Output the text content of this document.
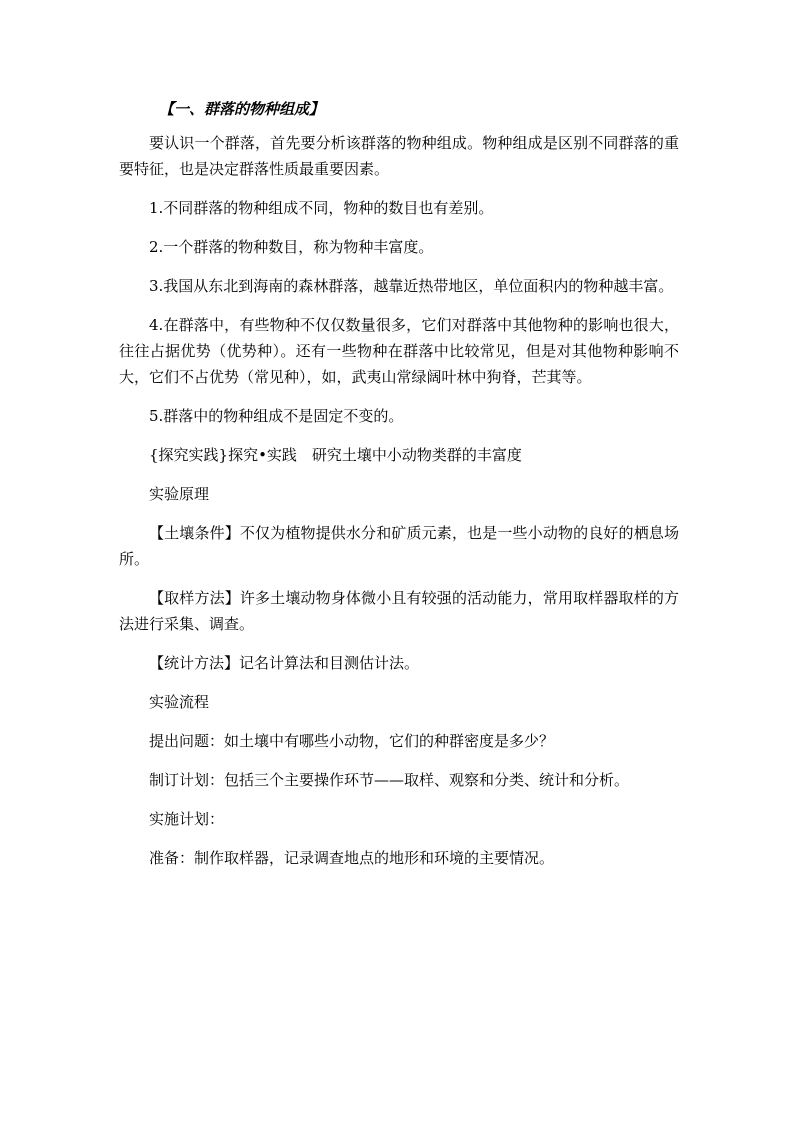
【一、群落的物种组成】

要认识一个群落，首先要分析该群落的物种组成。物种组成是区别不同群落的重要特征，也是决定群落性质最重要因素。

1.不同群落的物种组成不同，物种的数目也有差别。

2.一个群落的物种数目，称为物种丰富度。

3.我国从东北到海南的森林群落，越靠近热带地区，单位面积内的物种越丰富。

4.在群落中，有些物种不仅仅数量很多，它们对群落中其他物种的影响也很大，往往占据优势（优势种）。还有一些物种在群落中比较常见，但是对其他物种影响不大，它们不占优势（常见种），如，武夷山常绿阔叶林中狗脊，芒萁等。

5.群落中的物种组成不是固定不变的。

{探究实践}探究•实践　研究土壤中小动物类群的丰富度

实验原理

【土壤条件】不仅为植物提供水分和矿质元素，也是一些小动物的良好的栖息场所。

【取样方法】许多土壤动物身体微小且有较强的活动能力，常用取样器取样的方法进行采集、调查。

【统计方法】记名计算法和目测估计法。

实验流程

提出问题：如土壤中有哪些小动物，它们的种群密度是多少？

制订计划：包括三个主要操作环节——取样、观察和分类、统计和分析。

实施计划：

准备：制作取样器，记录调查地点的地形和环境的主要情况。
